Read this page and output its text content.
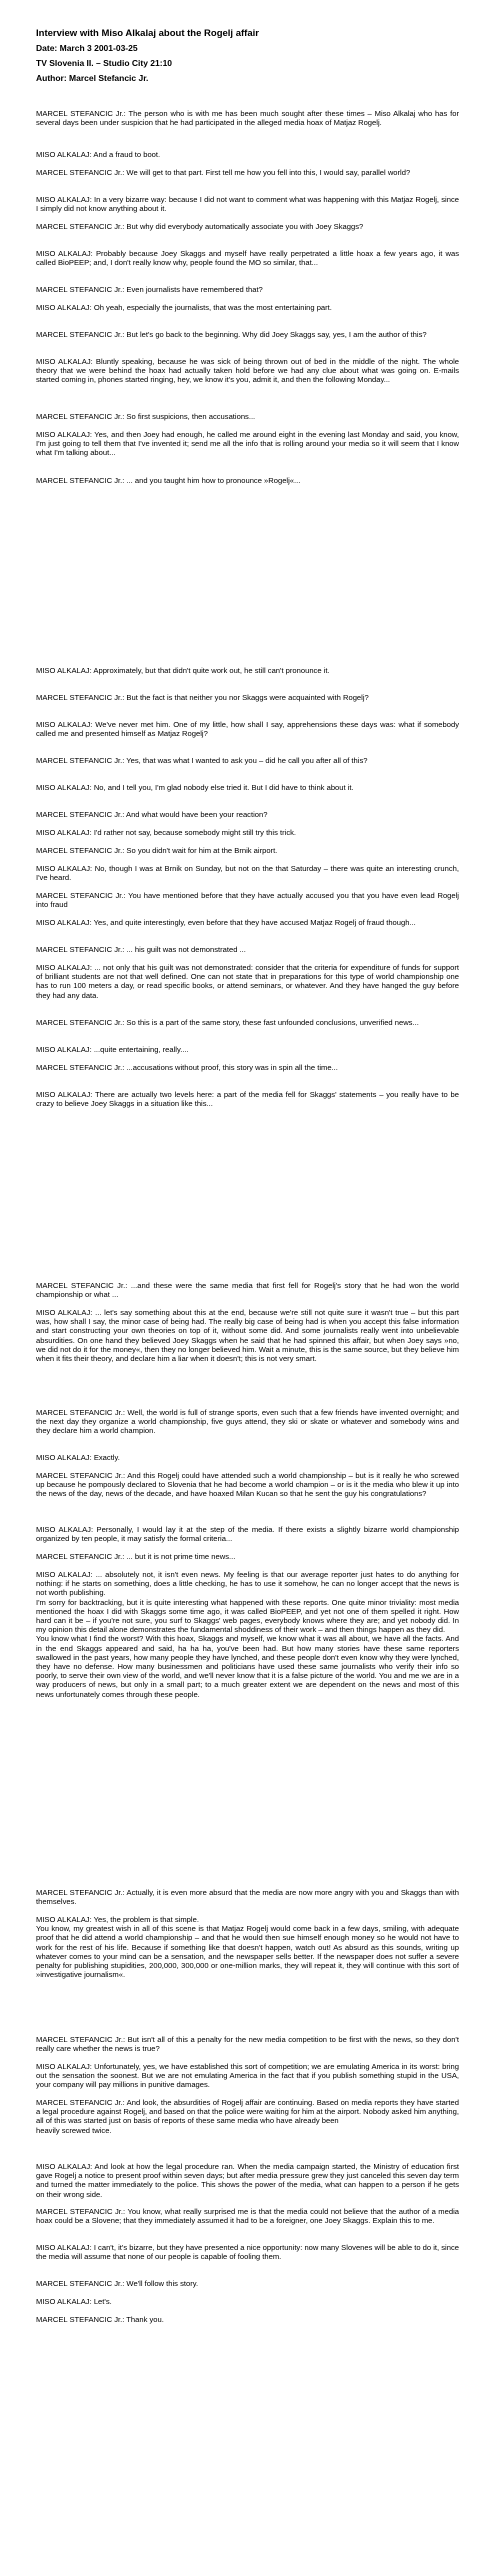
Interview with Miso Alkalaj about the Rogelj affair
Date: March 3 2001-03-25
TV Slovenia II. – Studio City 21:10
Author: Marcel Stefancic Jr.

MARCEL STEFANCIC Jr.: The person who is with me has been much sought after these times – Miso Alkalaj who has for several days been under suspicion that he had participated in the alleged media hoax of Matjaz Rogelj.

MISO ALKALAJ: And a fraud to boot.

MARCEL STEFANCIC Jr.: We will get to that part. First tell me how you fell into this, I would say, parallel world?

MISO ALKALAJ: In a very bizarre way: because I did not want to comment what was happening with this Matjaz Rogelj, since I simply did not know anything about it.

MARCEL STEFANCIC Jr.: But why did everybody automatically associate you with Joey Skaggs?

MISO ALKALAJ: Probably because Joey Skaggs and myself have really perpetrated a little hoax a few years ago, it was called BioPEEP; and, I don't really know why, people found the MO so similar, that...

MARCEL STEFANCIC Jr.: Even journalists have remembered that?

MISO ALKALAJ: Oh yeah, especially the journalists, that was the most entertaining part.

MARCEL STEFANCIC Jr.: But let's go back to the beginning. Why did Joey Skaggs say, yes, I am the author of this?

MISO ALKALAJ: Bluntly speaking, because he was sick of being thrown out of bed in the middle of the night. The whole theory that we were behind the hoax had actually taken hold before we had any clue about what was going on. E-mails started coming in, phones started ringing, hey, we know it's you, admit it, and then the following Monday...

MARCEL STEFANCIC Jr.: So first suspicions, then accusations...

MISO ALKALAJ: Yes, and then Joey had enough, he called me around eight in the evening last Monday and said, you know, I'm just going to tell them that I've invented it; send me all the info that is rolling around your media so it will seem that I know what I'm talking about...

MARCEL STEFANCIC Jr.: ... and you taught him how to pronounce »Rogelj«...

MISO ALKALAJ: Approximately, but that didn't quite work out, he still can't pronounce it.

MARCEL STEFANCIC Jr.: But the fact is that neither you nor Skaggs were acquainted with Rogelj?

MISO ALKALAJ: We've never met him. One of my little, how shall I say, apprehensions these days was: what if somebody called me and presented himself as Matjaz Rogelj?

MARCEL STEFANCIC Jr.: Yes, that was what I wanted to ask you – did he call you after all of this?

MISO ALKALAJ: No, and I tell you, I'm glad nobody else tried it. But I did have to think about it.

MARCEL STEFANCIC Jr.: And what would have been your reaction?

MISO ALKALAJ: I'd rather not say, because somebody might still try this trick.

MARCEL STEFANCIC Jr.: So you didn't wait for him at the Brnik airport.

MISO ALKALAJ: No, though I was at Brnik on Sunday, but not on the that Saturday – there was quite an interesting crunch, I've heard.

MARCEL STEFANCIC Jr.: You have mentioned before that they have actually accused you that you have even lead Rogelj into fraud

MISO ALKALAJ: Yes, and quite interestingly, even before that they have accused Matjaz Rogelj of fraud though...

MARCEL STEFANCIC Jr.: ... his guilt was not demonstrated ...

MISO ALKALAJ: ... not only that his guilt was not demonstrated: consider that the criteria for expenditure of funds for support of brilliant students are not that well defined. One can not state that in preparations for this type of world championship one has to run 100 meters a day, or read specific books, or attend seminars, or whatever. And they have hanged the guy before they had any data.

MARCEL STEFANCIC Jr.: So this is a part of the same story, these fast unfounded conclusions, unverified news...

MISO ALKALAJ: ...quite entertaining, really....

MARCEL STEFANCIC Jr.: ...accusations without proof, this story was in spin all the time...

MISO ALKALAJ: There are actually two levels here: a part of the media fell for Skaggs' statements – you really have to be crazy to believe Joey Skaggs in a situation like this...

MARCEL STEFANCIC Jr.: ...and these were the same media that first fell for Rogelj's story that he had won the world championship or what ...

MISO ALKALAJ: ... let's say something about this at the end, because we're still not quite sure it wasn't true – but this part was, how shall I say, the minor case of being had. The really big case of being had is when you accept this false information and start constructing your own theories on top of it, without some did. And some journalists really went into unbelievable absurdities. On one hand they believed Joey Skaggs when he said that he had spinned this affair, but when Joey says »no, we did not do it for the money«, then they no longer believed him. Wait a minute, this is the same source, but they believe him when it fits their theory, and declare him a liar when it doesn't; this is not very smart.

MARCEL STEFANCIC Jr.: Well, the world is full of strange sports, even such that a few friends have invented overnight; and the next day they organize a world championship, five guys attend, they ski or skate or whatever and somebody wins and they declare him a world champion.

MISO ALKALAJ: Exactly.

MARCEL STEFANCIC Jr.: And this Rogelj could have attended such a world championship – but is it really he who screwed up because he pompously declared to Slovenia that he had become a world champion – or is it the media who blew it up into the news of the day, news of the decade, and have hoaxed Milan Kucan so that he sent the guy his congratulations?

MISO ALKALAJ: Personally, I would lay it at the step of the media. If there exists a slightly bizarre world championship organized by ten people, it may satisfy the formal criteria...

MARCEL STEFANCIC Jr.: ... but it is not prime time news...

MISO ALKALAJ: ... absolutely not, it isn't even news. My feeling is that our average reporter just hates to do anything for nothing: if he starts on something, does a little checking, he has to use it somehow, he can no longer accept that the news is not worth publishing.
I'm sorry for backtracking, but it is quite interesting what happened with these reports. One quite minor triviality: most media mentioned the hoax I did with Skaggs some time ago, it was called BioPEEP, and yet not one of them spelled it right. How hard can it be – if you're not sure, you surf to Skaggs' web pages, everybody knows where they are; and yet nobody did. In my opinion this detail alone demonstrates the fundamental shoddiness of their work – and then things happen as they did.
You know what I find the worst? With this hoax, Skaggs and myself, we know what it was all about, we have all the facts. And in the end Skaggs appeared and said, ha ha ha, you've been had. But how many stories have these same reporters swallowed in the past years, how many people they have lynched, and these people don't even know why they were lynched, they have no defense. How many businessmen and politicians have used these same journalists who verify their info so poorly, to serve their own view of the world, and we'll never know that it is a false picture of the world. You and me we are in a way producers of news, but only in a small part; to a much greater extent we are dependent on the news and most of this news unfortunately comes through these people.

MARCEL STEFANCIC Jr.: Actually, it is even more absurd that the media are now more angry with you and Skaggs than with themselves.

MISO ALKALAJ: Yes, the problem is that simple.
You know, my greatest wish in all of this scene is that Matjaz Rogelj would come back in a few days, smiling, with adequate proof that he did attend a world championship – and that he would then sue himself enough money so he would not have to work for the rest of his life. Because if something like that doesn't happen, watch out! As absurd as this sounds, writing up whatever comes to your mind can be a sensation, and the newspaper sells better. If the newspaper does not suffer a severe penalty for publishing stupidities, 200,000, 300,000 or one-million marks, they will repeat it, they will continue with this sort of »investigative journalism«.

MARCEL STEFANCIC Jr.: But isn't all of this a penalty for the new media competition to be first with the news, so they don't really care whether the news is true?

MISO ALKALAJ: Unfortunately, yes, we have established this sort of competition; we are emulating America in its worst: bring out the sensation the soonest. But we are not emulating America in the fact that if you publish something stupid in the USA, your company will pay millions in punitive damages.

MARCEL STEFANCIC Jr.: And look, the absurdities of Rogelj affair are continuing. Based on media reports they have started a legal procedure against Rogelj, and based on that the police were waiting for him at the airport. Nobody asked him anything, all of this was started just on basis of reports of these same media who have already been
heavily screwed twice.

MISO ALKALAJ: And look at how the legal procedure ran. When the media campaign started, the Ministry of education first gave Rogelj a notice to present proof within seven days; but after media pressure grew they just canceled this seven day term and turned the matter immediately to the police. This shows the power of the media, what can happen to a person if he gets on their wrong side.

MARCEL STEFANCIC Jr.: You know, what really surprised me is that the media could not believe that the author of a media hoax could be a Slovene; that they immediately assumed it had to be a foreigner, one Joey Skaggs. Explain this to me.

MISO ALKALAJ: I can't, it's bizarre, but they have presented a nice opportunity: now many Slovenes will be able to do it, since the media will assume that none of our people is capable of fooling them.

MARCEL STEFANCIC Jr.: We'll follow this story.

MISO ALKALAJ: Let's.

MARCEL STEFANCIC Jr.: Thank you.
